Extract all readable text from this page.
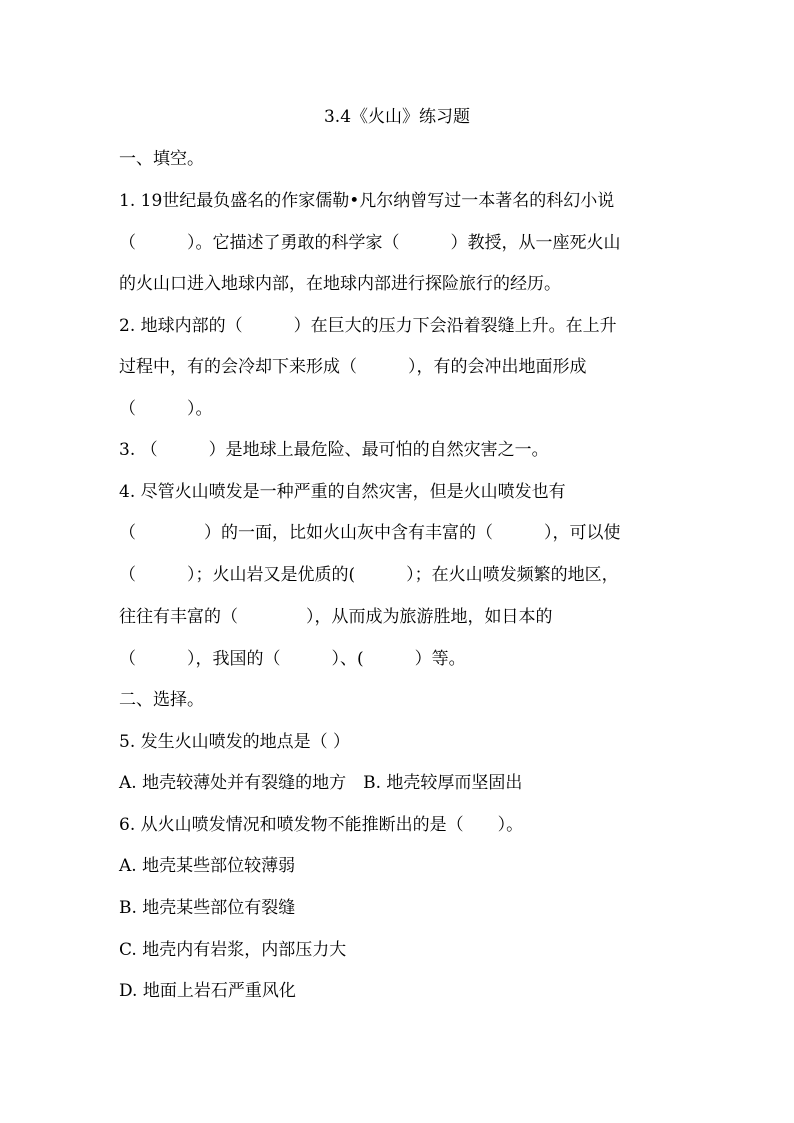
3.4《火山》练习题
一、填空。
1. 19世纪最负盛名的作家儒勒•凡尔纳曾写过一本著名的科幻小说
（　　　）。它描述了勇敢的科学家（　　　）教授，从一座死火山
的火山口进入地球内部，在地球内部进行探险旅行的经历。
2. 地球内部的（　　　）在巨大的压力下会沿着裂缝上升。在上升
过程中，有的会冷却下来形成（　　　），有的会冲出地面形成
（　　　）。
3. （　　　）是地球上最危险、最可怕的自然灾害之一。
4. 尽管火山喷发是一种严重的自然灾害，但是火山喷发也有
（　　　　）的一面，比如火山灰中含有丰富的（　　　），可以使
（　　　）；火山岩又是优质的(　　　）；在火山喷发频繁的地区，
往往有丰富的（　　　　），从而成为旅游胜地，如日本的
（　　　），我国的（　　　）、(　　　）等。
二、选择。
5. 发生火山喷发的地点是（ ）
A. 地壳较薄处并有裂缝的地方　B. 地壳较厚而坚固出
6. 从火山喷发情况和喷发物不能推断出的是（　　）。
A. 地壳某些部位较薄弱
B. 地壳某些部位有裂缝
C. 地壳内有岩浆，内部压力大
D. 地面上岩石严重风化
